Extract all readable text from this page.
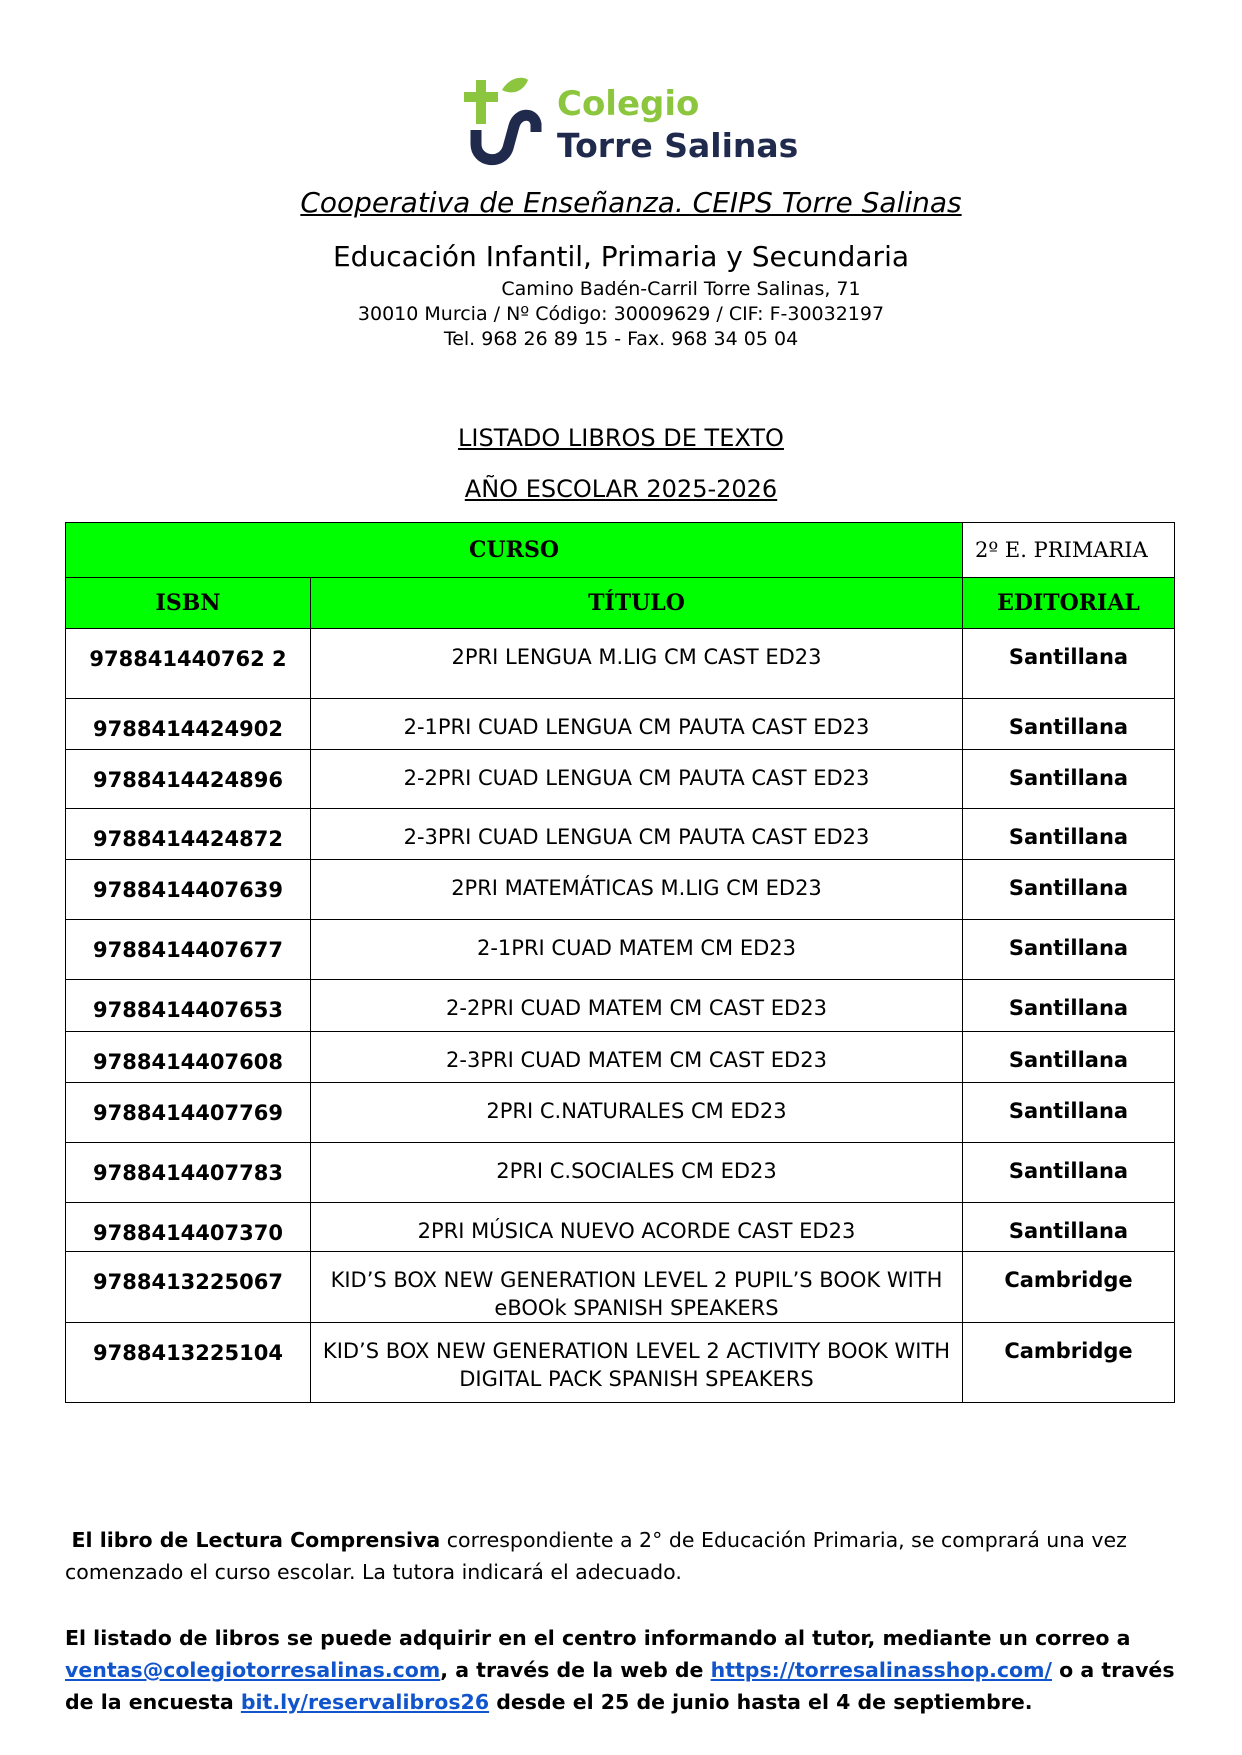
Colegio
Torre Salinas
Cooperativa de Enseñanza. CEIPS Torre Salinas
Educación Infantil, Primaria y Secundaria
Camino Badén-Carril Torre Salinas, 71
30010 Murcia / Nº Código: 30009629 / CIF: F-30032197
Tel. 968 26 89 15 - Fax. 968 34 05 04
LISTADO LIBROS DE TEXTO
AÑO ESCOLAR 2025-2026
CURSO		2º E. PRIMARIA
ISBN	TÍTULO	EDITORIAL
978841440762 2	2PRI LENGUA M.LIG CM CAST ED23	Santillana
9788414424902	2-1PRI CUAD LENGUA CM PAUTA CAST ED23	Santillana
9788414424896	2-2PRI CUAD LENGUA CM PAUTA CAST ED23	Santillana
9788414424872	2-3PRI CUAD LENGUA CM PAUTA CAST ED23	Santillana
9788414407639	2PRI MATEMÁTICAS M.LIG CM ED23	Santillana
9788414407677	2-1PRI CUAD MATEM CM ED23	Santillana
9788414407653	2-2PRI CUAD MATEM CM CAST ED23	Santillana
9788414407608	2-3PRI CUAD MATEM CM CAST ED23	Santillana
9788414407769	2PRI C.NATURALES CM ED23	Santillana
9788414407783	2PRI C.SOCIALES CM ED23	Santillana
9788414407370	2PRI MÚSICA NUEVO ACORDE CAST ED23	Santillana
9788413225067	KID’S BOX NEW GENERATION LEVEL 2 PUPIL’S BOOK WITH eBOOk SPANISH SPEAKERS	Cambridge
9788413225104	KID’S BOX NEW GENERATION LEVEL 2 ACTIVITY BOOK WITH DIGITAL PACK SPANISH SPEAKERS	Cambridge
El libro de Lectura Comprensiva correspondiente a 2° de Educación Primaria, se comprará una vez comenzado el curso escolar. La tutora indicará el adecuado.
El listado de libros se puede adquirir en el centro informando al tutor, mediante un correo a ventas@colegiotorresalinas.com, a través de la web de https://torresalinasshop.com/ o a través de la encuesta bit.ly/reservalibros26 desde el 25 de junio hasta el 4 de septiembre.
